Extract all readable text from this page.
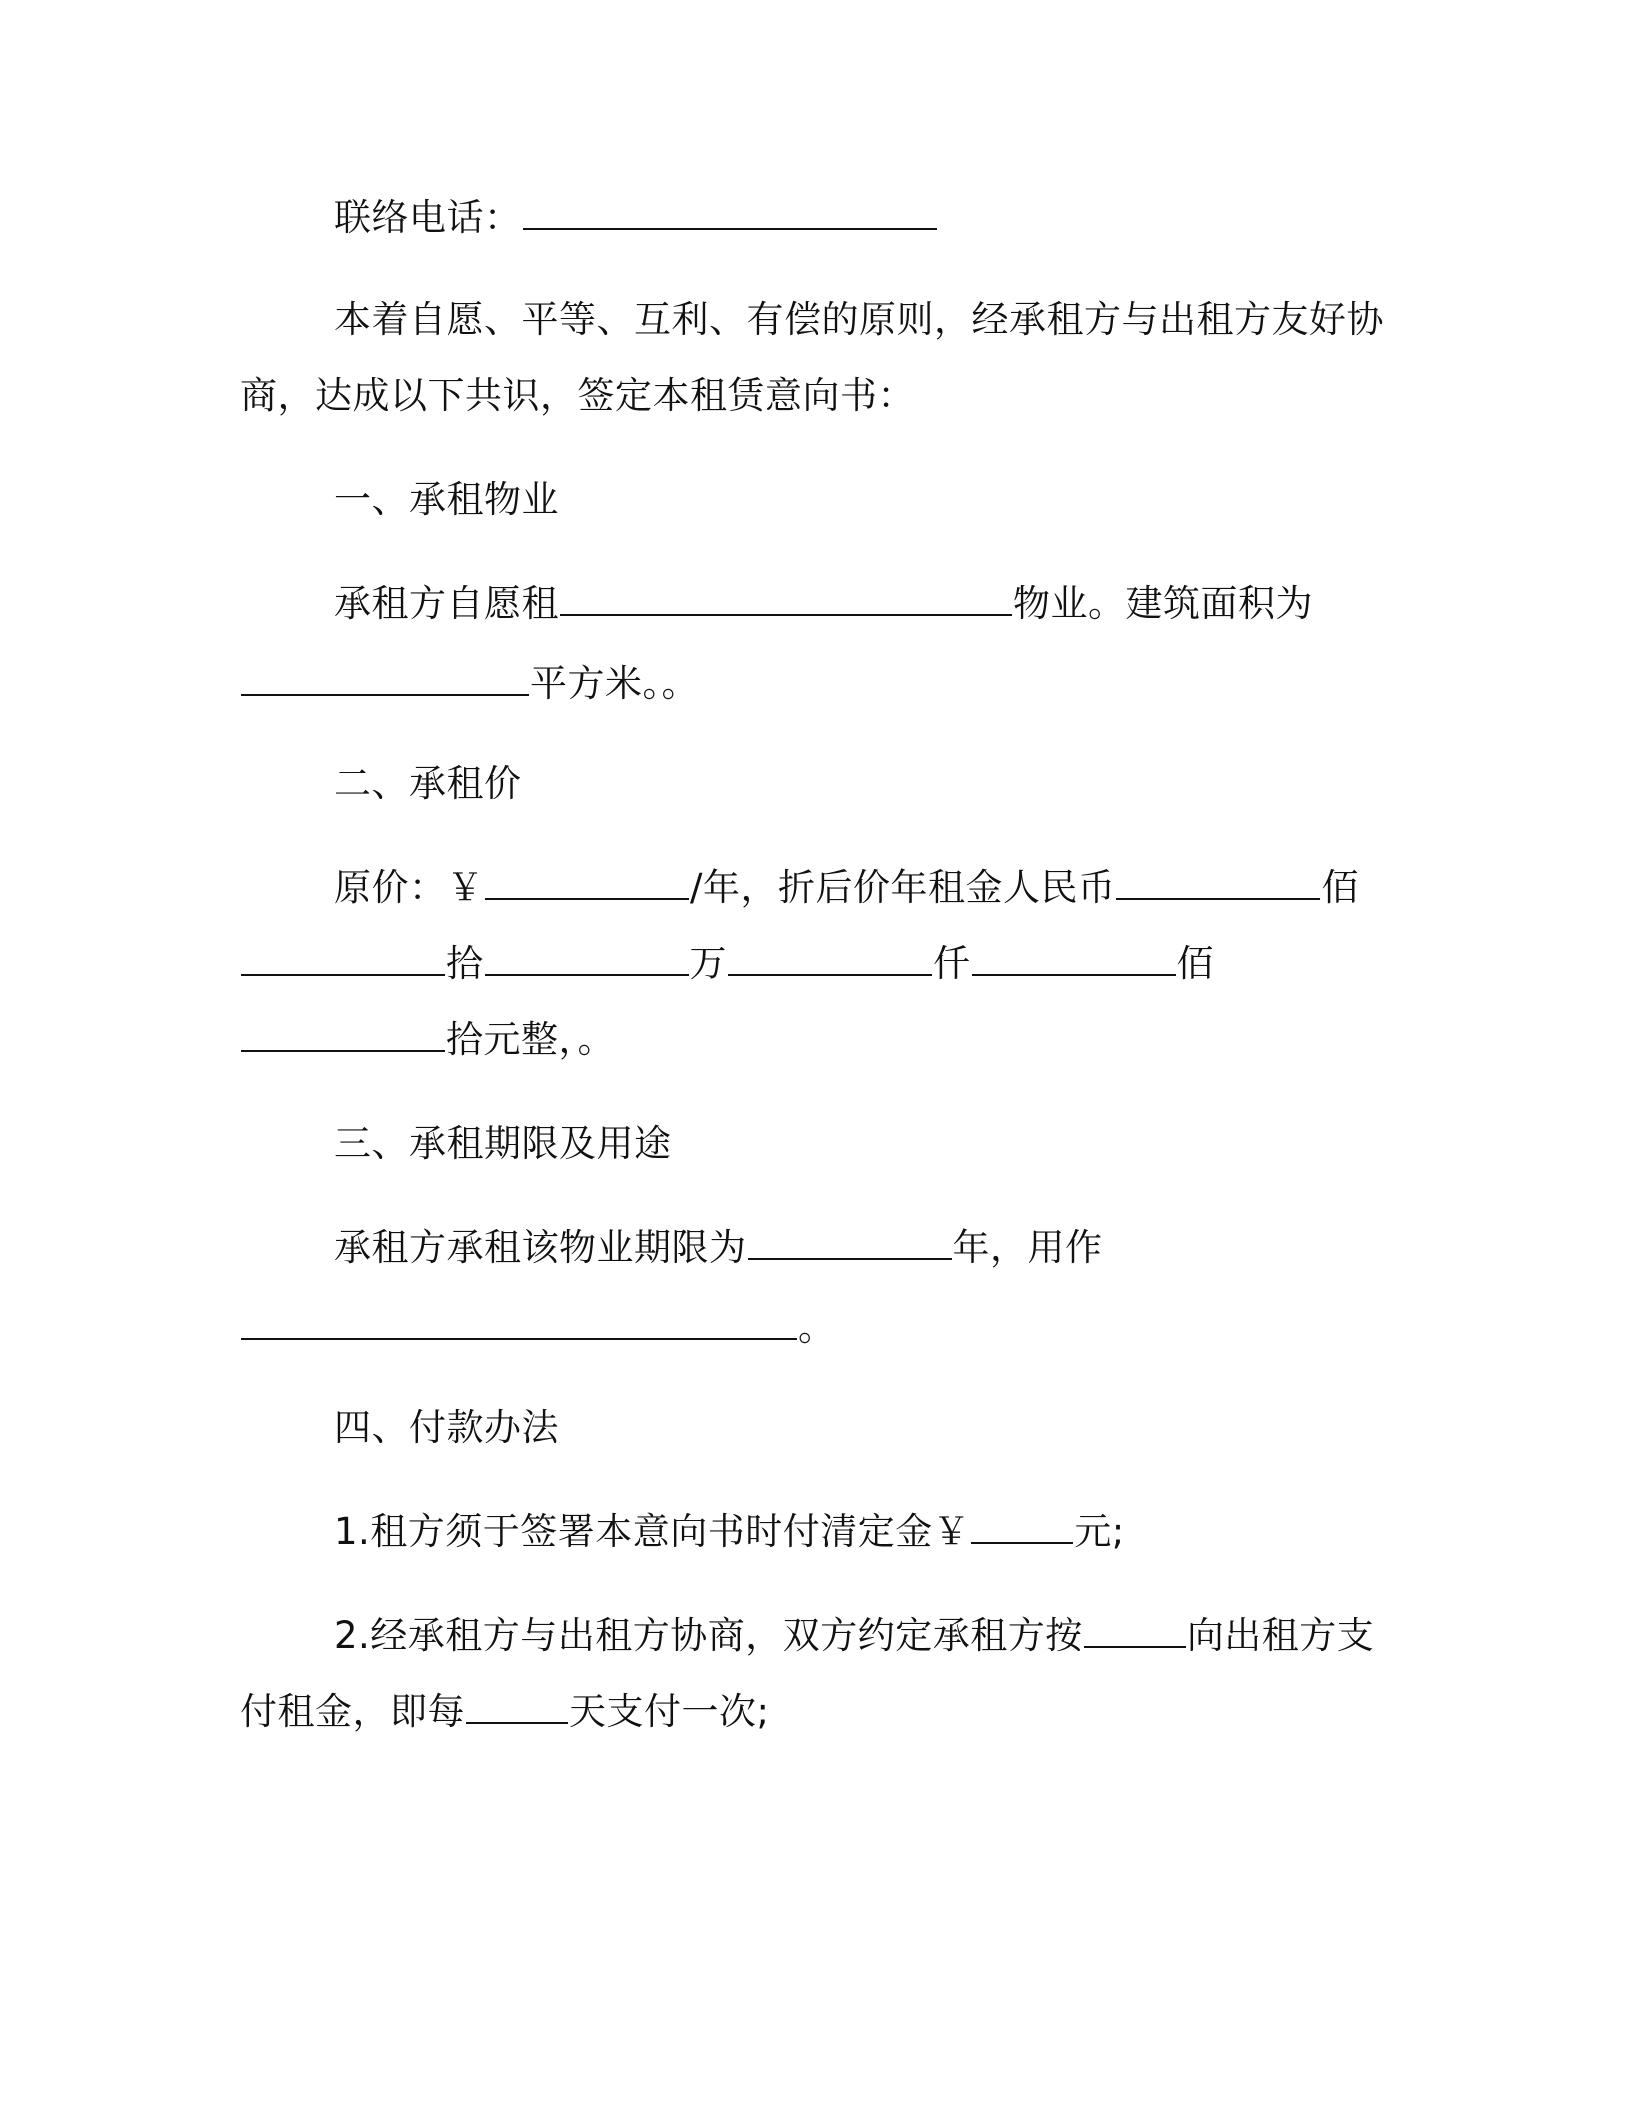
联络电话：
本着自愿、平等、互利、有偿的原则，经承租方与出租方友好协
商，达成以下共识，签定本租赁意向书：
一、承租物业
承租方自愿租	物业。建筑面积为
平方米。。
二、承租价
原价：￥	/年，折后价年租金人民币	佰
拾	万	仟	佰
拾元整，。
三、承租期限及用途
承租方承租该物业期限为	年，用作
。
四、付款办法
1.租方须于签署本意向书时付清定金￥	元;
2.经承租方与出租方协商，双方约定承租方按	向出租方支
付租金，即每	天支付一次;
